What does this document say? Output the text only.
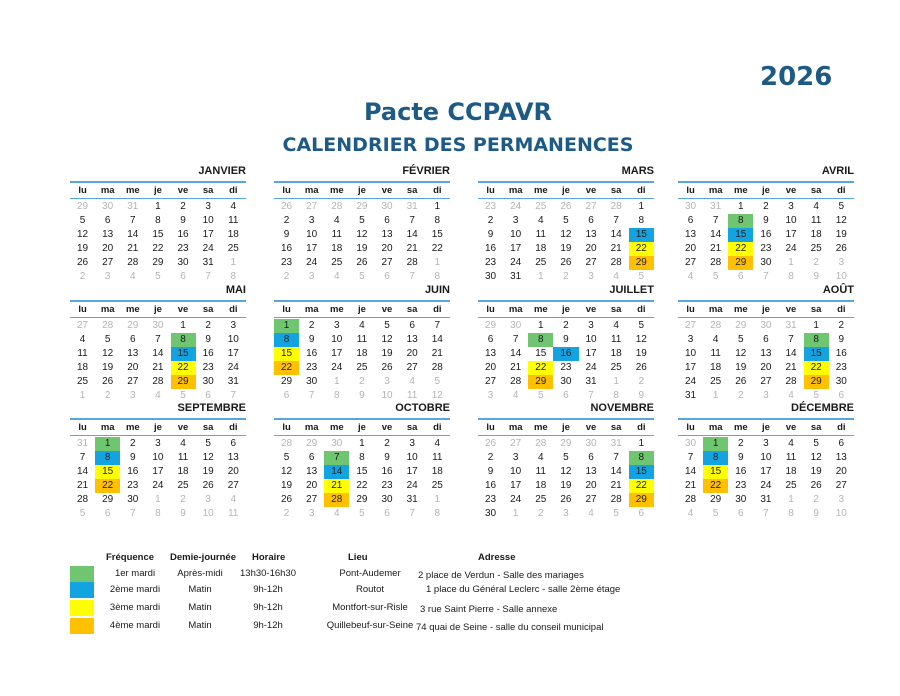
2026
Pacte CCPAVR
CALENDRIER DES PERMANENCES
JANVIER
lu	ma	me	je	ve	sa	di
29	30	31	1	2	3	4
5	6	7	8	9	10	11
12	13	14	15	16	17	18
19	20	21	22	23	24	25
26	27	28	29	30	31	1
2	3	4	5	6	7	8
FÉVRIER
lu	ma	me	je	ve	sa	di
26	27	28	29	30	31	1
2	3	4	5	6	7	8
9	10	11	12	13	14	15
16	17	18	19	20	21	22
23	24	25	26	27	28	1
2	3	4	5	6	7	8
MARS
lu	ma	me	je	ve	sa	di
23	24	25	26	27	28	1
2	3	4	5	6	7	8
9	10	11	12	13	14	15
16	17	18	19	20	21	22
23	24	25	26	27	28	29
30	31	1	2	3	4	5
AVRIL
lu	ma	me	je	ve	sa	di
30	31	1	2	3	4	5
6	7	8	9	10	11	12
13	14	15	16	17	18	19
20	21	22	23	24	25	26
27	28	29	30	1	2	3
4	5	6	7	8	9	10
MAI
lu	ma	me	je	ve	sa	di
27	28	29	30	1	2	3
4	5	6	7	8	9	10
11	12	13	14	15	16	17
18	19	20	21	22	23	24
25	26	27	28	29	30	31
1	2	3	4	5	6	7
JUIN
lu	ma	me	je	ve	sa	di
1	2	3	4	5	6	7
8	9	10	11	12	13	14
15	16	17	18	19	20	21
22	23	24	25	26	27	28
29	30	1	2	3	4	5
6	7	8	9	10	11	12
JUILLET
lu	ma	me	je	ve	sa	di
29	30	1	2	3	4	5
6	7	8	9	10	11	12
13	14	15	16	17	18	19
20	21	22	23	24	25	26
27	28	29	30	31	1	2
3	4	5	6	7	8	9
AOÛT
lu	ma	me	je	ve	sa	di
27	28	29	30	31	1	2
3	4	5	6	7	8	9
10	11	12	13	14	15	16
17	18	19	20	21	22	23
24	25	26	27	28	29	30
31	1	2	3	4	5	6
SEPTEMBRE
lu	ma	me	je	ve	sa	di
31	1	2	3	4	5	6
7	8	9	10	11	12	13
14	15	16	17	18	19	20
21	22	23	24	25	26	27
28	29	30	1	2	3	4
5	6	7	8	9	10	11
OCTOBRE
lu	ma	me	je	ve	sa	di
28	29	30	1	2	3	4
5	6	7	8	9	10	11
12	13	14	15	16	17	18
19	20	21	22	23	24	25
26	27	28	29	30	31	1
2	3	4	5	6	7	8
NOVEMBRE
lu	ma	me	je	ve	sa	di
26	27	28	29	30	31	1
2	3	4	5	6	7	8
9	10	11	12	13	14	15
16	17	18	19	20	21	22
23	24	25	26	27	28	29
30	1	2	3	4	5	6
DÉCEMBRE
lu	ma	me	je	ve	sa	di
30	1	2	3	4	5	6
7	8	9	10	11	12	13
14	15	16	17	18	19	20
21	22	23	24	25	26	27
28	29	30	31	1	2	3
4	5	6	7	8	9	10
Fréquence Demie-journée Horaire	Lieu	Adresse
1er mardi	Après-midi	13h30-16h30	Pont-Audemer	2 place de Verdun - Salle des mariages
2ème mardi	Matin	9h-12h	Routot	1 place du Général Leclerc - salle 2ème étage
3ème mardi	Matin	9h-12h	Montfort-sur-Risle	3 rue Saint Pierre - Salle annexe
4ème mardi	Matin	9h-12h	Quillebeuf-sur-Seine 74 quai de Seine - salle du conseil municipal
